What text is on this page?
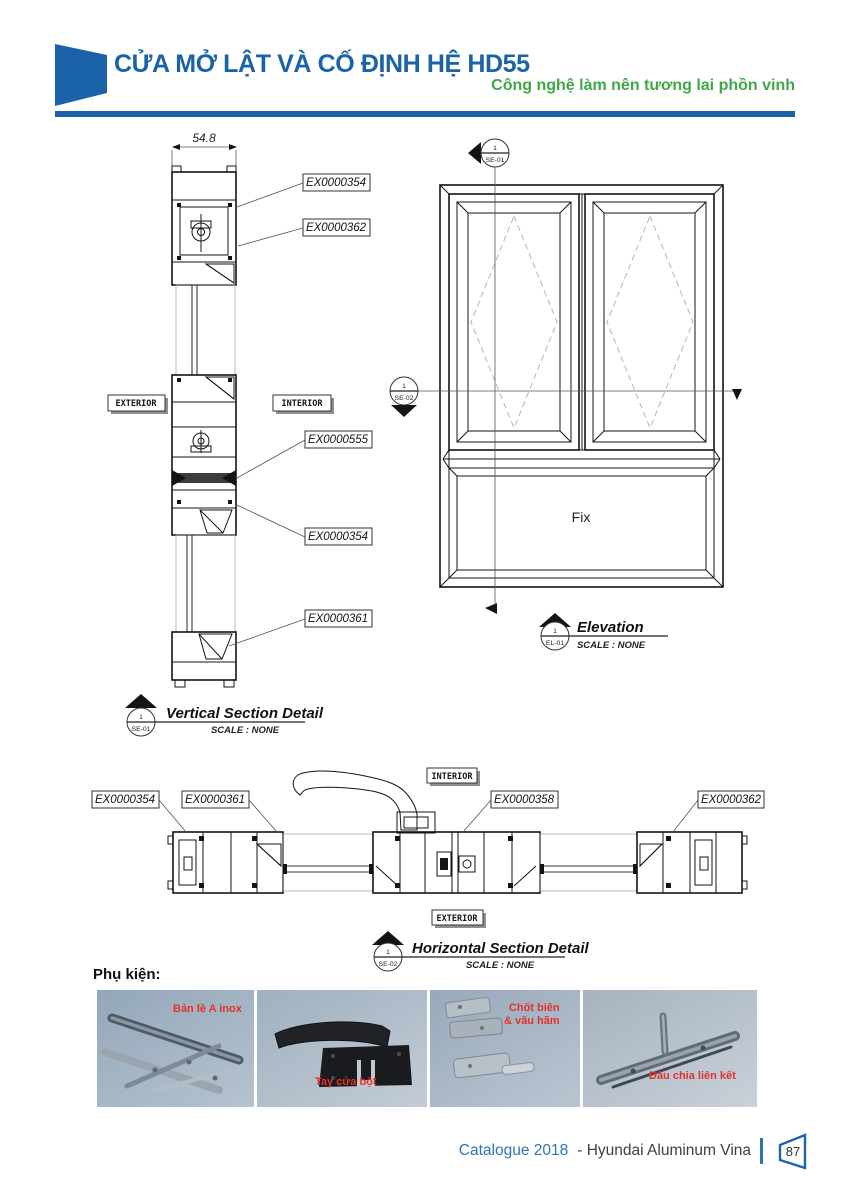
CỬA MỞ LẬT VÀ CỐ ĐỊNH HỆ HD55
Công nghệ làm nên tương lai phồn vinh
54.8
EX0000354
EX0000362
EX0000555
EX0000354
EX0000361
EXTERIOR	INTERIOR
1
SE-01
Vertical Section Detail
SCALE : NONE
Fix
1
SE-01
1
SE-02
1
EL-01
Elevation
SCALE : NONE
EX0000354	EX0000361	EX0000358	EX0000362
INTERIOR
EXTERIOR
1
SE-02
Horizontal Section Detail
SCALE : NONE
Phụ kiện:
Bản lề A inox
Tay cửa bột
Chốt biên
& vấu hãm
Đầu chia liên kết
Catalogue 2018 - Hyundai Aluminum Vina	87
